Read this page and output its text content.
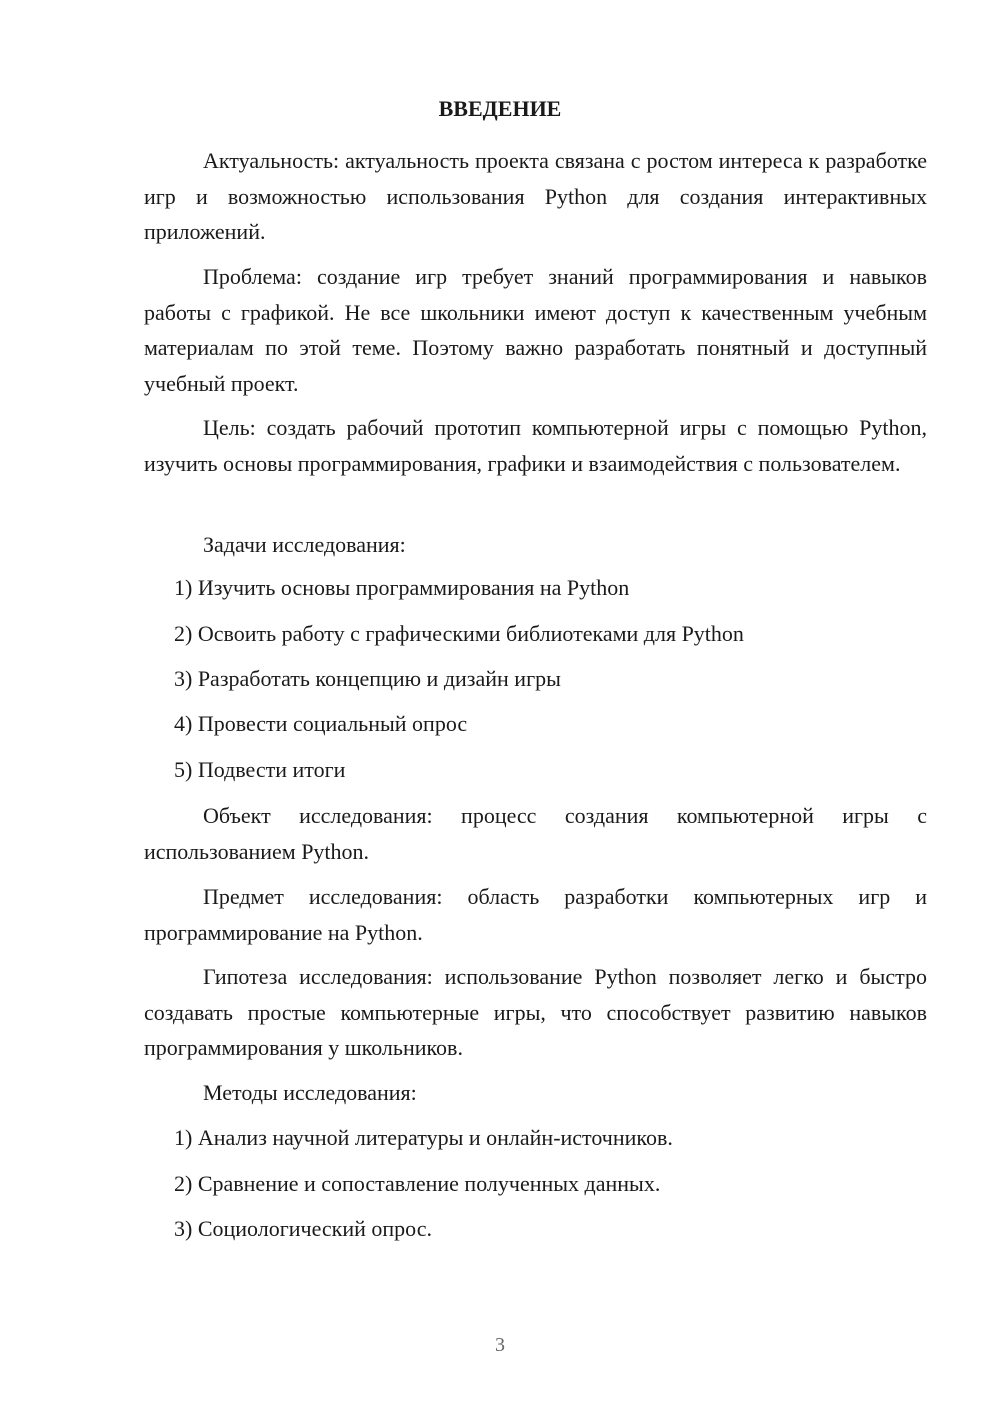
ВВЕДЕНИЕ
Актуальность: актуальность проекта связана с ростом интереса к разработке игр и возможностью использования Python для создания интерактивных приложений.
Проблема: создание игр требует знаний программирования и навыков работы с графикой. Не все школьники имеют доступ к качественным учебным материалам по этой теме. Поэтому важно разработать понятный и доступный учебный проект.
Цель: создать рабочий прототип компьютерной игры с помощью Python, изучить основы программирования, графики и взаимодействия с пользователем.
Задачи исследования:
1) Изучить основы программирования на Python
2) Освоить работу с графическими библиотеками для Python
3) Разработать концепцию и дизайн игры
4) Провести социальный опрос
5) Подвести итоги
Объект исследования: процесс создания компьютерной игры с использованием Python.
Предмет исследования: область разработки компьютерных игр и программирование на Python.
Гипотеза исследования: использование Python позволяет легко и быстро создавать простые компьютерные игры, что способствует развитию навыков программирования у школьников.
Методы исследования:
1) Анализ научной литературы и онлайн-источников.
2) Сравнение и сопоставление полученных данных.
3) Социологический опрос.
3
